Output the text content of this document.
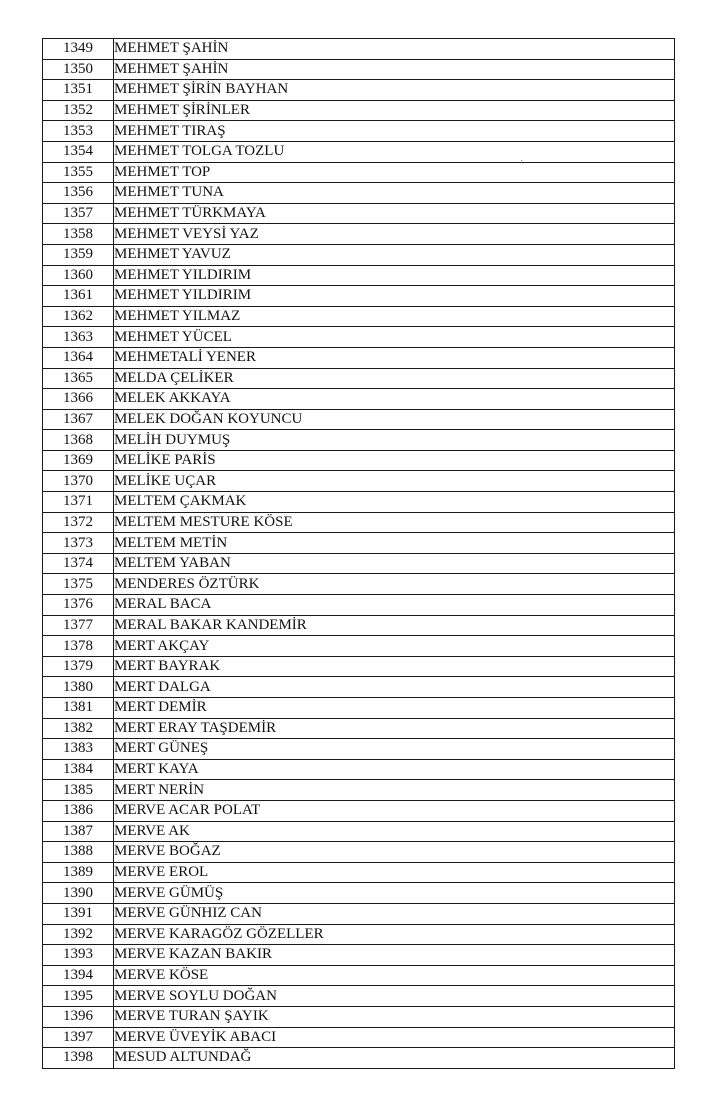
1349	MEHMET ŞAHİN
1350	MEHMET ŞAHİN
1351	MEHMET ŞİRİN BAYHAN
1352	MEHMET ŞİRİNLER
1353	MEHMET TIRAŞ
1354	MEHMET TOLGA TOZLU
1355	MEHMET TOP
1356	MEHMET TUNA
1357	MEHMET TÜRKMAYA
1358	MEHMET VEYSİ YAZ
1359	MEHMET YAVUZ
1360	MEHMET YILDIRIM
1361	MEHMET YILDIRIM
1362	MEHMET YILMAZ
1363	MEHMET YÜCEL
1364	MEHMETALİ YENER
1365	MELDA ÇELİKER
1366	MELEK AKKAYA
1367	MELEK DOĞAN KOYUNCU
1368	MELİH DUYMUŞ
1369	MELİKE PARİS
1370	MELİKE UÇAR
1371	MELTEM ÇAKMAK
1372	MELTEM MESTURE KÖSE
1373	MELTEM METİN
1374	MELTEM YABAN
1375	MENDERES ÖZTÜRK
1376	MERAL BACA
1377	MERAL BAKAR KANDEMİR
1378	MERT AKÇAY
1379	MERT BAYRAK
1380	MERT DALGA
1381	MERT DEMİR
1382	MERT ERAY TAŞDEMİR
1383	MERT GÜNEŞ
1384	MERT KAYA
1385	MERT NERİN
1386	MERVE ACAR POLAT
1387	MERVE AK
1388	MERVE BOĞAZ
1389	MERVE EROL
1390	MERVE GÜMÜŞ
1391	MERVE GÜNHIZ CAN
1392	MERVE KARAGÖZ GÖZELLER
1393	MERVE KAZAN BAKIR
1394	MERVE KÖSE
1395	MERVE SOYLU DOĞAN
1396	MERVE TURAN ŞAYIK
1397	MERVE ÜVEYİK ABACI
1398	MESUD ALTUNDAĞ
